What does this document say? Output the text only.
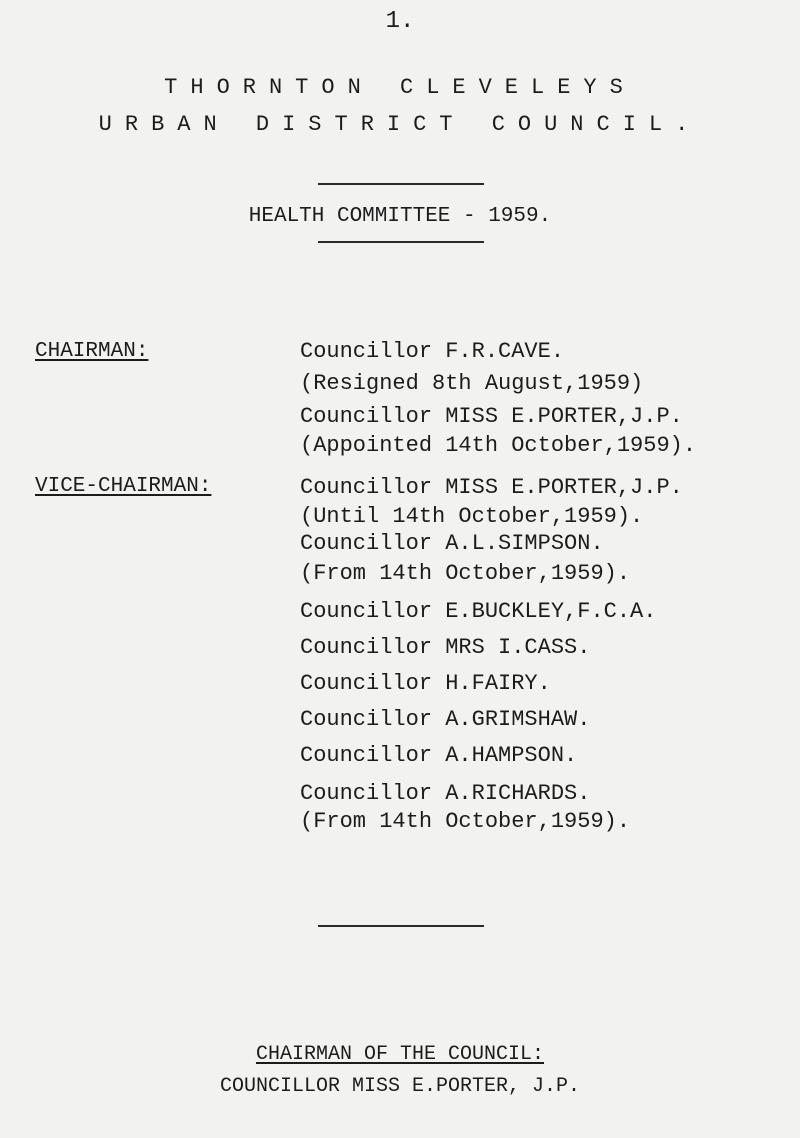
1.
THORNTON CLEVELEYS
URBAN DISTRICT COUNCIL.
HEALTH COMMITTEE - 1959.
CHAIRMAN:
VICE-CHAIRMAN:
Councillor F.R.CAVE.
(Resigned 8th August,1959)
Councillor MISS E.PORTER,J.P.
(Appointed 14th October,1959).
Councillor MISS E.PORTER,J.P.
(Until 14th October,1959).
Councillor A.L.SIMPSON.
(From 14th October,1959).
Councillor E.BUCKLEY,F.C.A.
Councillor MRS I.CASS.
Councillor H.FAIRY.
Councillor A.GRIMSHAW.
Councillor A.HAMPSON.
Councillor A.RICHARDS.
(From 14th October,1959).
CHAIRMAN OF THE COUNCIL:
COUNCILLOR MISS E.PORTER, J.P.
